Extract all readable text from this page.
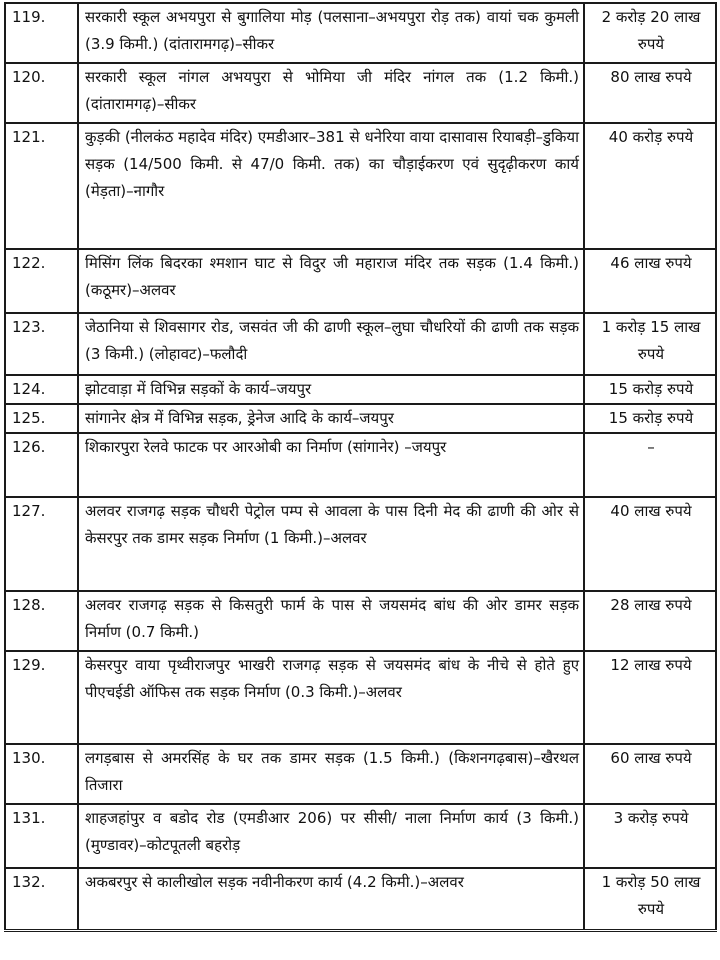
119.	सरकारी स्कूल अभयपुरा से बुगालिया मोड़ (पलसाना–अभयपुरा रोड़ तक) वायां चक कुमली (3.9 किमी.) (दांतारामगढ़)–सीकर	2 करोड़ 20 लाख रुपये
120.	सरकारी स्कूल नांगल अभयपुरा से भोमिया जी मंदिर नांगल तक (1.2 किमी.) (दांतारामगढ़)–सीकर	80 लाख रुपये
121.	कुड़की (नीलकंठ महादेव मंदिर) एमडीआर–381 से धनेरिया वाया दासावास रियाबड़ी–डुकिया सड़क (14/500 किमी. से 47/0 किमी. तक) का चौड़ाईकरण एवं सुदृढ़ीकरण कार्य (मेड़ता)–नागौर	40 करोड़ रुपये
122.	मिसिंग लिंक बिदरका श्मशान घाट से विदुर जी महाराज मंदिर तक सड़क (1.4 किमी.) (कठूमर)–अलवर	46 लाख रुपये
123.	जेठानिया से शिवसागर रोड, जसवंत जी की ढाणी स्कूल–लुघा चौधरियों की ढाणी तक सड़क (3 किमी.) (लोहावट)–फलौदी	1 करोड़ 15 लाख रुपये
124.	झोटवाड़ा में विभिन्न सड़कों के कार्य–जयपुर	15 करोड़ रुपये
125.	सांगानेर क्षेत्र में विभिन्न सड़क, ड्रेनेज आदि के कार्य–जयपुर	15 करोड़ रुपये
126.	शिकारपुरा रेलवे फाटक पर आरओबी का निर्माण (सांगानेर) –जयपुर	–
127.	अलवर राजगढ़ सड़क चौधरी पेट्रोल पम्प से आवला के पास दिनी मेद की ढाणी की ओर से केसरपुर तक डामर सड़क निर्माण (1 किमी.)–अलवर	40 लाख रुपये
128.	अलवर राजगढ़ सड़क से किसतुरी फार्म के पास से जयसमंद बांध की ओर डामर सड़क निर्माण (0.7 किमी.)	28 लाख रुपये
129.	केसरपुर वाया पृथ्वीराजपुर भाखरी राजगढ़ सड़क से जयसमंद बांध के नीचे से होते हुए पीएचईडी ऑफिस तक सड़क निर्माण (0.3 किमी.)–अलवर	12 लाख रुपये
130.	लगड़बास से अमरसिंह के घर तक डामर सड़क (1.5 किमी.) (किशनगढ़बास)–खैरथल तिजारा	60 लाख रुपये
131.	शाहजहांपुर व बडोद रोड (एमडीआर 206) पर सीसी/ नाला निर्माण कार्य (3 किमी.) (मुण्डावर)–कोटपूतली बहरोड़	3 करोड़ रुपये
132.	अकबरपुर से कालीखोल सड़क नवीनीकरण कार्य (4.2 किमी.)–अलवर	1 करोड़ 50 लाख रुपये
